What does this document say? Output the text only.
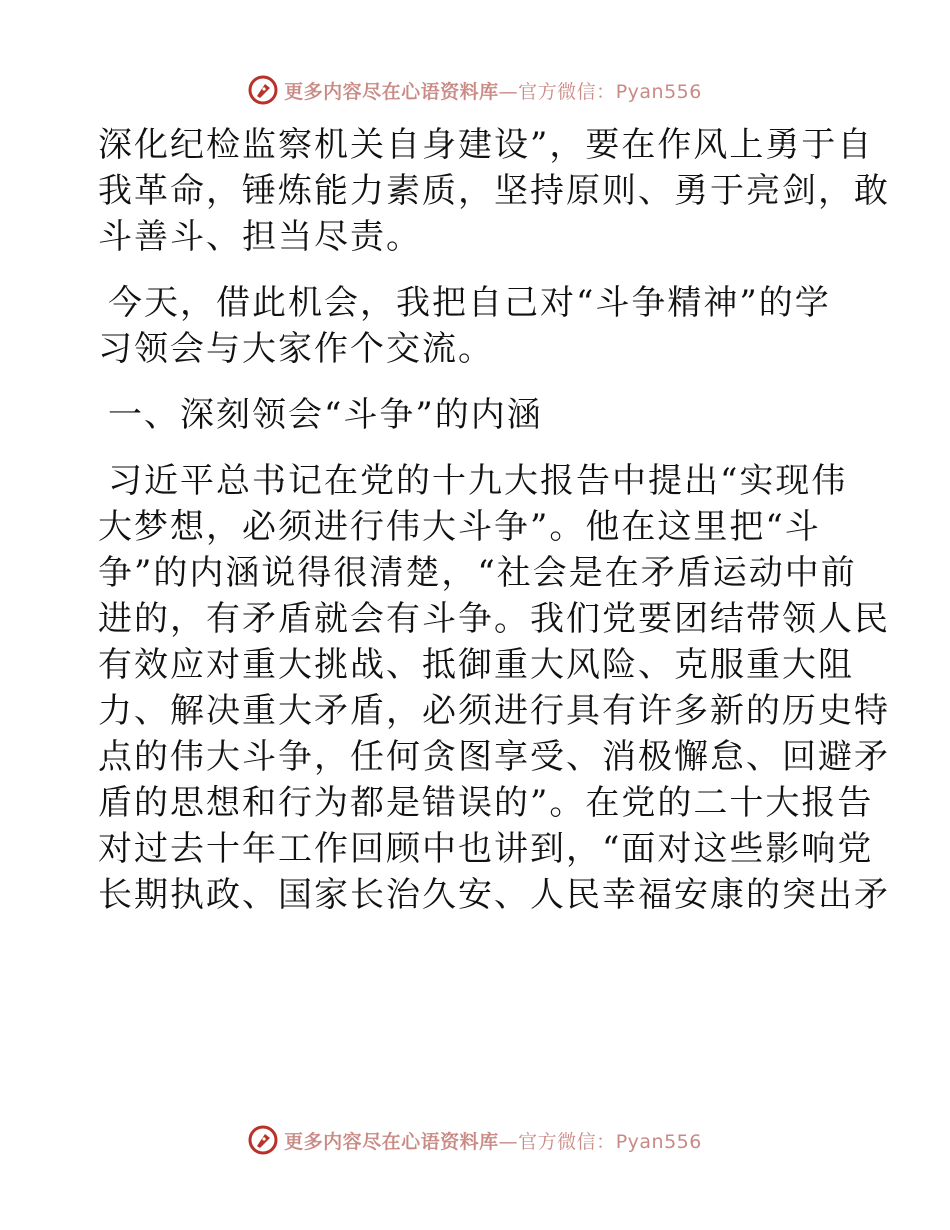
更多内容尽在心语资料库—官方微信：Pyan556
深化纪检监察机关自身建设”，要在作风上勇于自
我革命，锤炼能力素质，坚持原则、勇于亮剑，敢
斗善斗、担当尽责。
今天，借此机会，我把自己对“斗争精神”的学
习领会与大家作个交流。
一、深刻领会“斗争”的内涵
习近平总书记在党的十九大报告中提出“实现伟
大梦想，必须进行伟大斗争”。他在这里把“斗
争”的内涵说得很清楚，“社会是在矛盾运动中前
进的，有矛盾就会有斗争。我们党要团结带领人民
有效应对重大挑战、抵御重大风险、克服重大阻
力、解决重大矛盾，必须进行具有许多新的历史特
点的伟大斗争，任何贪图享受、消极懈怠、回避矛
盾的思想和行为都是错误的”。在党的二十大报告
对过去十年工作回顾中也讲到，“面对这些影响党
长期执政、国家长治久安、人民幸福安康的突出矛
更多内容尽在心语资料库—官方微信：Pyan556
